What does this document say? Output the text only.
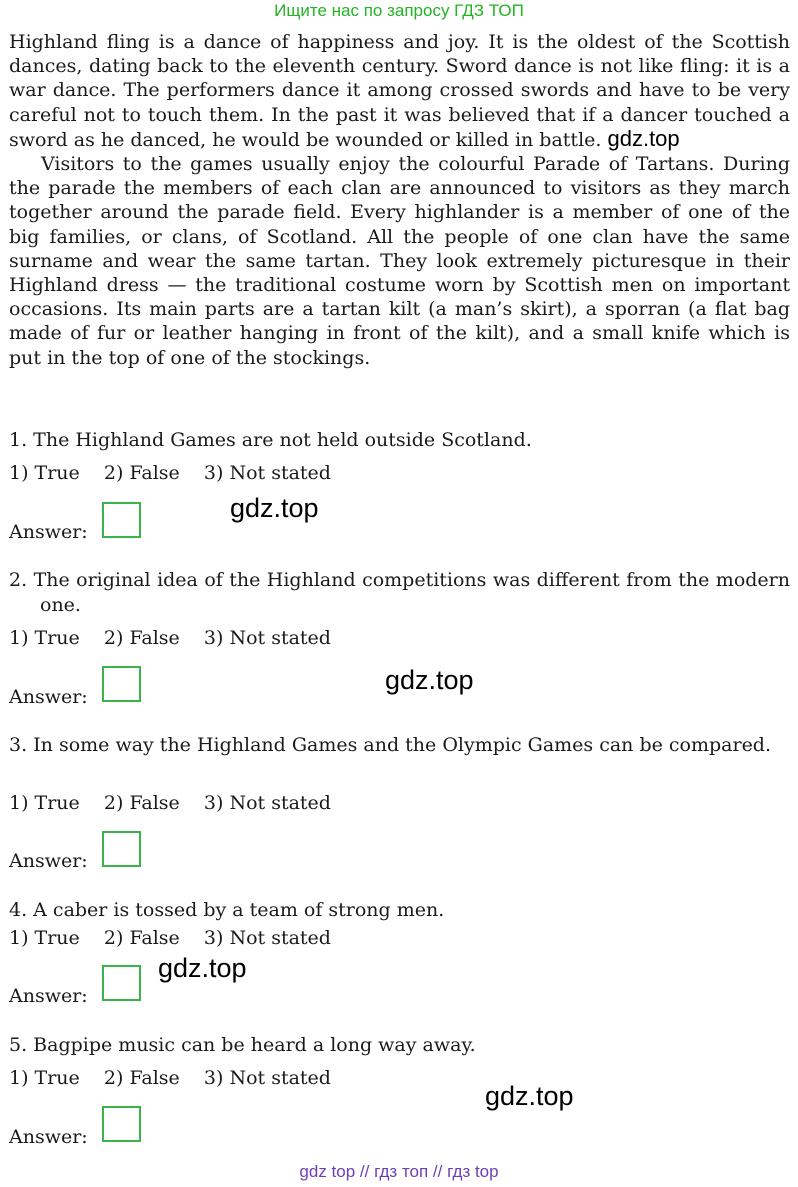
Ищите нас по запросу ГДЗ ТОП

Highland fling is a dance of happiness and joy. It is the oldest of the Scottish dances, dating back to the eleventh century. Sword dance is not like fling: it is a war dance. The performers dance it among crossed swords and have to be very careful not to touch them. In the past it was believed that if a dancer touched a sword as he danced, he would be wounded or killed in battle. gdz.top

Visitors to the games usually enjoy the colourful Parade of Tartans. During the parade the members of each clan are announced to visitors as they march together around the parade field. Every highlander is a member of one of the big families, or clans, of Scotland. All the people of one clan have the same surname and wear the same tartan. They look extremely picturesque in their Highland dress — the traditional costume worn by Scottish men on important occasions. Its main parts are a tartan kilt (a man’s skirt), a sporran (a flat bag made of fur or leather hanging in front of the kilt), and a small knife which is put in the top of one of the stockings.

1. The Highland Games are not held outside Scotland.
1) True    2) False    3) Not stated
Answer:
gdz.top
2. The original idea of the Highland competitions was different from the modern one.
1) True    2) False    3) Not stated
Answer:
gdz.top
3. In some way the Highland Games and the Olympic Games can be compared.
1) True    2) False    3) Not stated
Answer:
4. A caber is tossed by a team of strong men.
1) True    2) False    3) Not stated
Answer:
gdz.top
5. Bagpipe music can be heard a long way away.
1) True    2) False    3) Not stated
Answer:
gdz.top
gdz top // гдз топ // гдз top
